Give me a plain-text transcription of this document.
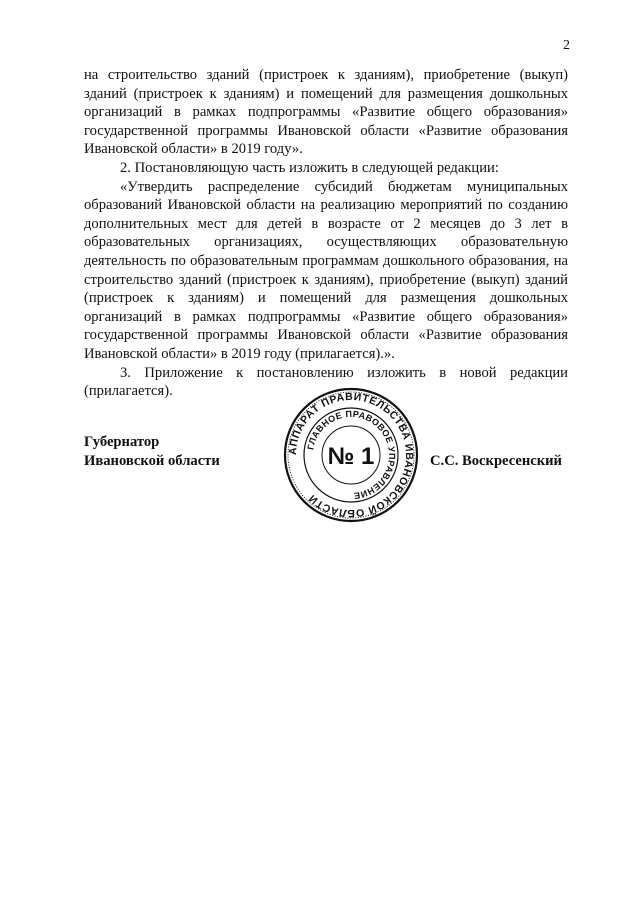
2

на строительство зданий (пристроек к зданиям), приобретение (выкуп) зданий (пристроек к зданиям) и помещений для размещения дошкольных организаций в рамках подпрограммы «Развитие общего образования» государственной программы Ивановской области «Развитие образования Ивановской области» в 2019 году».

2. Постановляющую часть изложить в следующей редакции:

«Утвердить распределение субсидий бюджетам муниципальных образований Ивановской области на реализацию мероприятий по созданию дополнительных мест для детей в возрасте от 2 месяцев до 3 лет в образовательных организациях, осуществляющих образовательную деятельность по образовательным программам дошкольного образования, на строительство зданий (пристроек к зданиям), приобретение (выкуп) зданий (пристроек к зданиям) и помещений для размещения дошкольных организаций в рамках подпрограммы «Развитие общего образования» государственной программы Ивановской области «Развитие образования Ивановской области» в 2019 году (прилагается).».

3. Приложение к постановлению изложить в новой редакции (прилагается).

Губернатор
Ивановской области	С.С. Воскресенский
АППАРАТ ПРАВИТЕЛЬСТВА ИВАНОВСКОЙ ОБЛАСТИ
ГЛАВНОЕ ПРАВОВОЕ УПРАВЛЕНИЕ
№ 1
